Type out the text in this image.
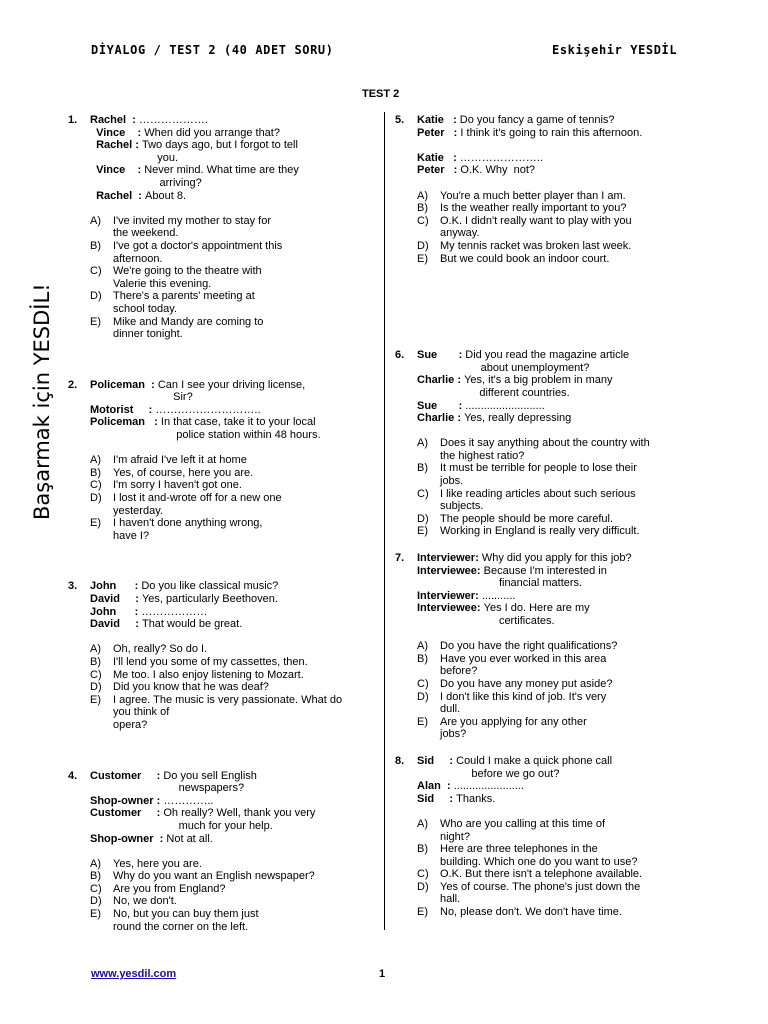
DİYALOG / TEST 2 (40 ADET SORU)	Eskişehir YESDİL
TEST 2
Başarmak için YESDİL!
1.	Rachel  : ……………….
Vince    : When did you arrange that?
Rachel : Two days ago, but I forgot to tell
you.
Vince    : Never mind. What time are they
arriving?
Rachel  : About 8.
A)	I've invited my mother to stay for
the weekend.
B)	I've got a doctor's appointment this
afternoon.
C)	We're going to the theatre with
Valerie this evening.
D)	There's a parents' meeting at
school today.
E)	Mike and Mandy are coming to
dinner tonight.
2.	Policeman  : Can I see your driving license,
Sir?
Motorist     : ………………………..
Policeman   : In that case, take it to your local
police station within 48 hours.
A)	I'm afraid I've left it at home
B)	Yes, of course, here you are.
C)	I'm sorry I haven't got one.
D)	I lost it and-wrote off for a new one
yesterday.
E)	I haven't done anything wrong,
have I?
3.	John      : Do you like classical music?
David     : Yes, particularly Beethoven.
John      : ………………
David     : That would be great.
A)	Oh, really? So do I.
B)	I'll lend you some of my cassettes, then.
C)	Me too. I also enjoy listening to Mozart.
D)	Did you know that he was deaf?
E)	I agree. The music is very passionate. What do
you think of
opera?
4.	Customer     : Do you sell English
newspapers?
Shop-owner : …………..
Customer     : Oh really? Well, thank you very
much for your help.
Shop-owner  : Not at all.
A)	Yes, here you are.
B)	Why do you want an English newspaper?
C)	Are you from England?
D)	No, we don't.
E)	No, but you can buy them just
round the corner on the left.
5.	Katie   : Do you fancy a game of tennis?
Peter   : I think it's going to rain this afternoon.

Katie   : …………………..
Peter   : O.K. Why  not?
A)	You're a much better player than I am.
B)	Is the weather really important to you?
C)	O.K. I didn't really want to play with you
anyway.
D)	My tennis racket was broken last week.
E)	But we could book an indoor court.
6.	Sue       : Did you read the magazine article
about unemployment?
Charlie : Yes, it's a big problem in many
different countries.
Sue       : ..........................
Charlie : Yes, really depressing
A)	Does it say anything about the country with
the highest ratio?
B)	It must be terrible for people to lose their
jobs.
C)	I like reading articles about such serious
subjects.
D)	The people should be more careful.
E)	Working in England is really very difficult.
7.	Interviewer: Why did you apply for this job?
Interviewee: Because I'm interested in
financial matters.
Interviewer: ...........
Interviewee: Yes I do. Here are my
certificates.
A)	Do you have the right qualifications?
B)	Have you ever worked in this area
before?
C)	Do you have any money put aside?
D)	I don't like this kind of job. It's very
dull.
E)	Are you applying for any other
jobs?
8.	Sid     : Could I make a quick phone call
before we go out?
Alan  : .......................
Sid     : Thanks.
A)	Who are you calling at this time of
night?
B)	Here are three telephones in the
building. Which one do you want to use?
C)	O.K. But there isn't a telephone available.
D)	Yes of course. The phone's just down the
hall.
E)	No, please don't. We don't have time.
www.yesdil.com	1
